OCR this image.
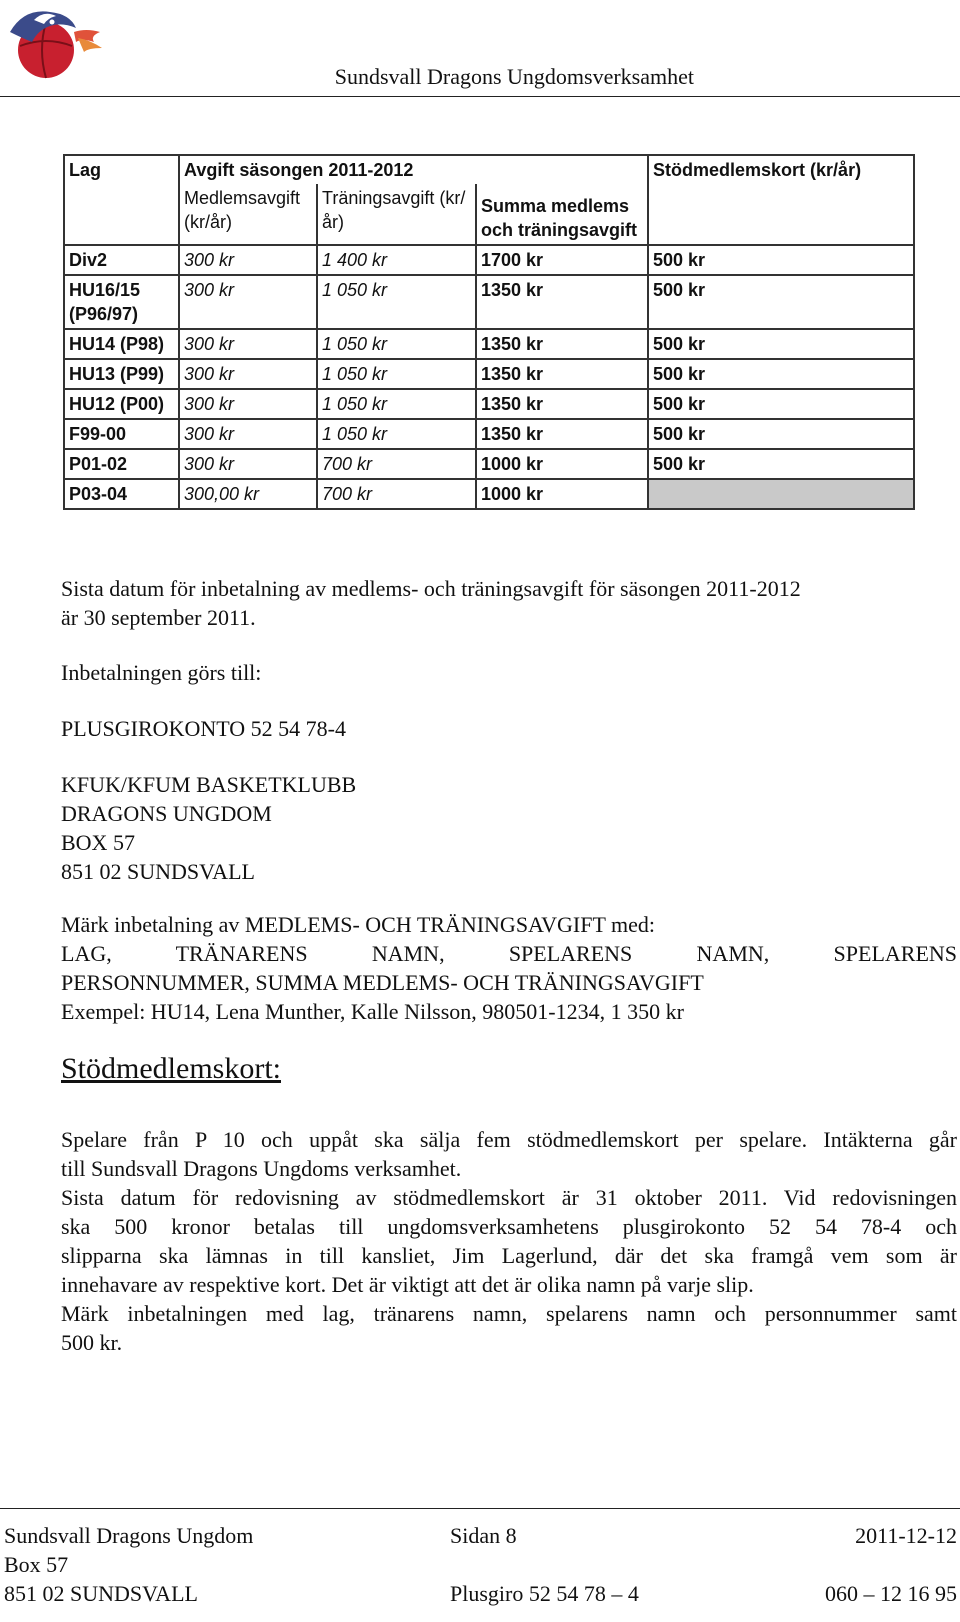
Sundsvall Dragons Ungdomsverksamhet
Lag	Avgift säsongen 2011-2012			Stödmedlemskort (kr/år)
	Medlemsavgift (kr/år)	Träningsavgift (kr/år)	Summa medlems och träningsavgift	
Div2	300 kr	1 400 kr	1700 kr	500 kr
HU16/15 (P96/97)	300 kr	1 050 kr	1350 kr	500 kr
HU14 (P98)	300 kr	1 050 kr	1350 kr	500 kr
HU13 (P99)	300 kr	1 050 kr	1350 kr	500 kr
HU12 (P00)	300 kr	1 050 kr	1350 kr	500 kr
F99-00	300 kr	1 050 kr	1350 kr	500 kr
P01-02	300 kr	700 kr	1000 kr	500 kr
P03-04	300,00 kr	700 kr	1000 kr	
Sista datum för inbetalning av medlems- och träningsavgift för säsongen 2011-2012
är 30 september 2011.
Inbetalningen görs till:
PLUSGIROKONTO 52 54 78-4
KFUK/KFUM BASKETKLUBB
DRAGONS UNGDOM
BOX 57
851 02 SUNDSVALL
Märk inbetalning av MEDLEMS- OCH TRÄNINGSAVGIFT med:
LAG, TRÄNARENS NAMN, SPELARENS NAMN, SPELARENS
PERSONNUMMER, SUMMA MEDLEMS- OCH TRÄNINGSAVGIFT
Exempel: HU14, Lena Munther, Kalle Nilsson, 980501-1234, 1 350 kr
Stödmedlemskort:
Spelare från P 10 och uppåt ska sälja fem stödmedlemskort per spelare. Intäkterna går
till Sundsvall Dragons Ungdoms verksamhet.
Sista datum för redovisning av stödmedlemskort är 31 oktober 2011. Vid redovisningen
ska 500 kronor betalas till ungdomsverksamhetens plusgirokonto 52 54 78-4 och
slipparna ska lämnas in till kansliet, Jim Lagerlund, där det ska framgå vem som är
innehavare av respektive kort. Det är viktigt att det är olika namn på varje slip.
Märk inbetalningen med lag, tränarens namn, spelarens namn och personnummer samt
500 kr.
Sundsvall Dragons Ungdom	Sidan 8	2011-12-12
Box 57
851 02 SUNDSVALL	Plusgiro 52 54 78 – 4	060 – 12 16 95
